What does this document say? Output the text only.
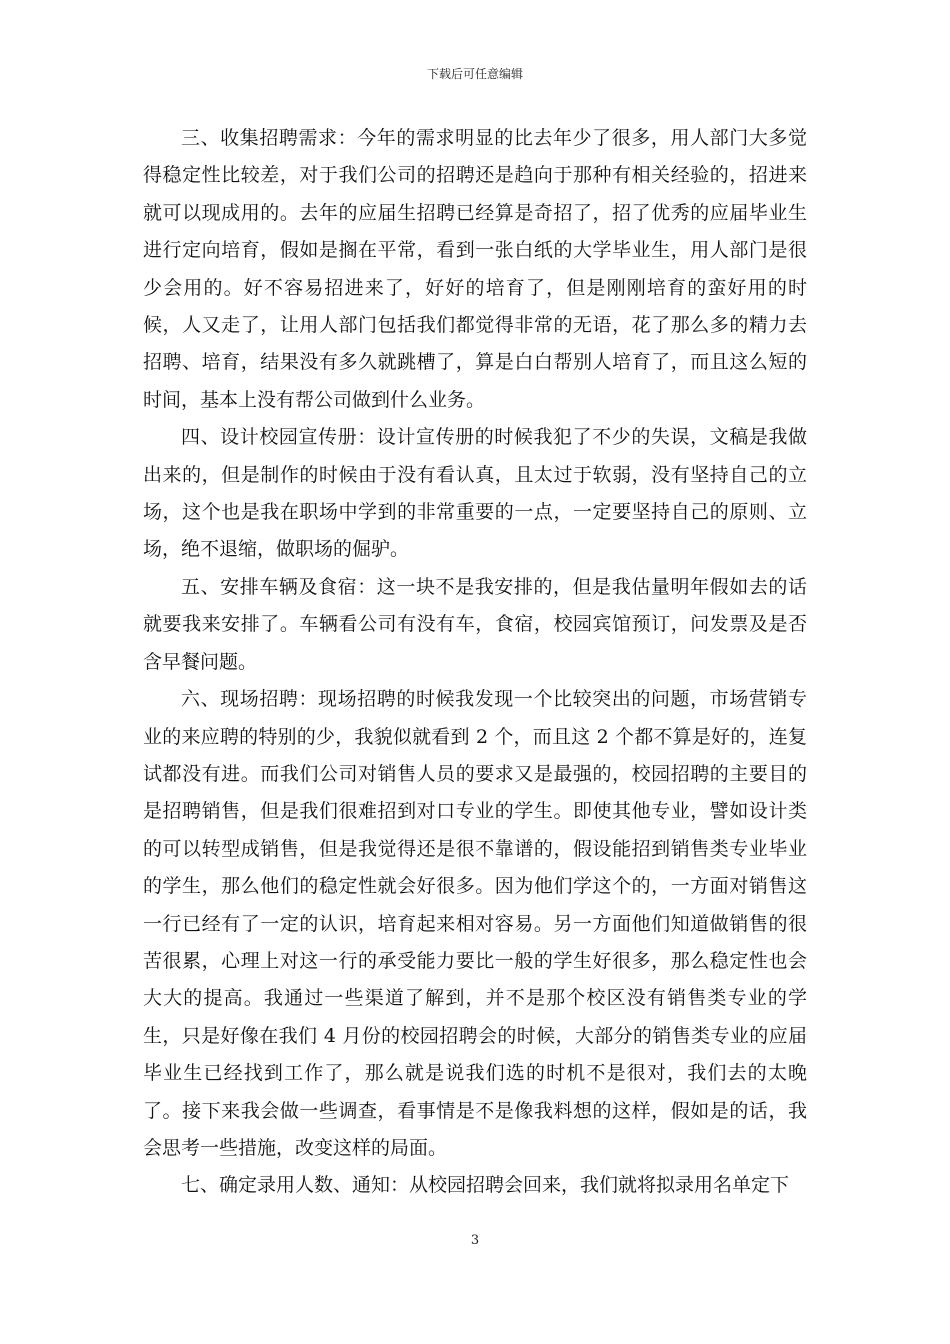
下载后可任意编辑

三、收集招聘需求：今年的需求明显的比去年少了很多，用人部门大多觉得稳定性比较差，对于我们公司的招聘还是趋向于那种有相关经验的，招进来就可以现成用的。去年的应届生招聘已经算是奇招了，招了优秀的应届毕业生进行定向培育，假如是搁在平常，看到一张白纸的大学毕业生，用人部门是很少会用的。好不容易招进来了，好好的培育了，但是刚刚培育的蛮好用的时候，人又走了，让用人部门包括我们都觉得非常的无语，花了那么多的精力去招聘、培育，结果没有多久就跳槽了，算是白白帮别人培育了，而且这么短的时间，基本上没有帮公司做到什么业务。

四、设计校园宣传册：设计宣传册的时候我犯了不少的失误，文稿是我做出来的，但是制作的时候由于没有看认真，且太过于软弱，没有坚持自己的立场，这个也是我在职场中学到的非常重要的一点，一定要坚持自己的原则、立场，绝不退缩，做职场的倔驴。

五、安排车辆及食宿：这一块不是我安排的，但是我估量明年假如去的话就要我来安排了。车辆看公司有没有车，食宿，校园宾馆预订，问发票及是否含早餐问题。

六、现场招聘：现场招聘的时候我发现一个比较突出的问题，市场营销专业的来应聘的特别的少，我貌似就看到 2 个，而且这 2 个都不算是好的，连复试都没有进。而我们公司对销售人员的要求又是最强的，校园招聘的主要目的是招聘销售，但是我们很难招到对口专业的学生。即使其他专业，譬如设计类的可以转型成销售，但是我觉得还是很不靠谱的，假设能招到销售类专业毕业的学生，那么他们的稳定性就会好很多。因为他们学这个的，一方面对销售这一行已经有了一定的认识，培育起来相对容易。另一方面他们知道做销售的很苦很累，心理上对这一行的承受能力要比一般的学生好很多，那么稳定性也会大大的提高。我通过一些渠道了解到，并不是那个校区没有销售类专业的学生，只是好像在我们 4 月份的校园招聘会的时候，大部分的销售类专业的应届毕业生已经找到工作了，那么就是说我们选的时机不是很对，我们去的太晚了。接下来我会做一些调查，看事情是不是像我料想的这样，假如是的话，我会思考一些措施，改变这样的局面。

七、确定录用人数、通知：从校园招聘会回来，我们就将拟录用名单定下

3
